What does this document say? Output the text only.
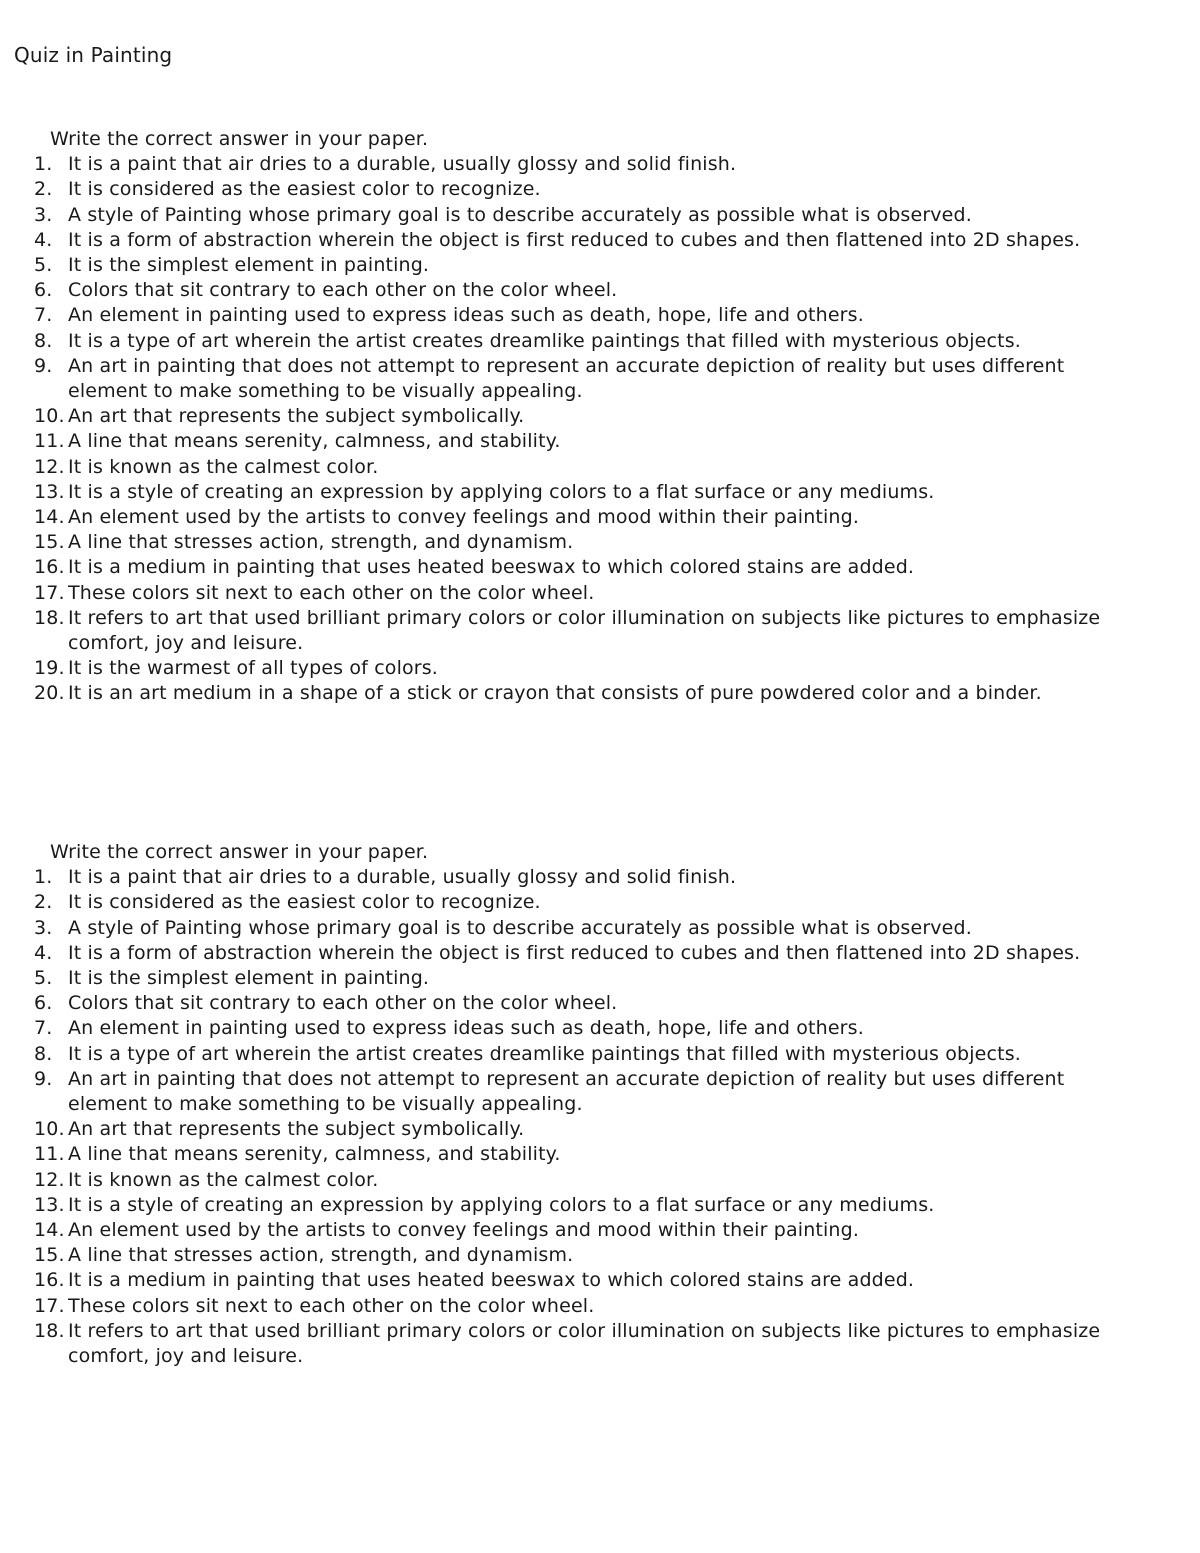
Quiz in Painting

Write the correct answer in your paper.

1. It is a paint that air dries to a durable, usually glossy and solid finish.
2. It is considered as the easiest color to recognize.
3. A style of Painting whose primary goal is to describe accurately as possible what is observed.
4. It is a form of abstraction wherein the object is first reduced to cubes and then flattened into 2D shapes.
5. It is the simplest element in painting.
6. Colors that sit contrary to each other on the color wheel.
7. An element in painting used to express ideas such as death, hope, life and others.
8. It is a type of art wherein the artist creates dreamlike paintings that filled with mysterious objects.
9. An art in painting that does not attempt to represent an accurate depiction of reality but uses different element to make something to be visually appealing.
10. An art that represents the subject symbolically.
11. A line that means serenity, calmness, and stability.
12. It is known as the calmest color.
13. It is a style of creating an expression by applying colors to a flat surface or any mediums.
14. An element used by the artists to convey feelings and mood within their painting.
15. A line that stresses action, strength, and dynamism.
16. It is a medium in painting that uses heated beeswax to which colored stains are added.
17. These colors sit next to each other on the color wheel.
18. It refers to art that used brilliant primary colors or color illumination on subjects like pictures to emphasize comfort, joy and leisure.
19. It is the warmest of all types of colors.
20. It is an art medium in a shape of a stick or crayon that consists of pure powdered color and a binder.

Write the correct answer in your paper.

1. It is a paint that air dries to a durable, usually glossy and solid finish.
2. It is considered as the easiest color to recognize.
3. A style of Painting whose primary goal is to describe accurately as possible what is observed.
4. It is a form of abstraction wherein the object is first reduced to cubes and then flattened into 2D shapes.
5. It is the simplest element in painting.
6. Colors that sit contrary to each other on the color wheel.
7. An element in painting used to express ideas such as death, hope, life and others.
8. It is a type of art wherein the artist creates dreamlike paintings that filled with mysterious objects.
9. An art in painting that does not attempt to represent an accurate depiction of reality but uses different element to make something to be visually appealing.
10. An art that represents the subject symbolically.
11. A line that means serenity, calmness, and stability.
12. It is known as the calmest color.
13. It is a style of creating an expression by applying colors to a flat surface or any mediums.
14. An element used by the artists to convey feelings and mood within their painting.
15. A line that stresses action, strength, and dynamism.
16. It is a medium in painting that uses heated beeswax to which colored stains are added.
17. These colors sit next to each other on the color wheel.
18. It refers to art that used brilliant primary colors or color illumination on subjects like pictures to emphasize comfort, joy and leisure.
